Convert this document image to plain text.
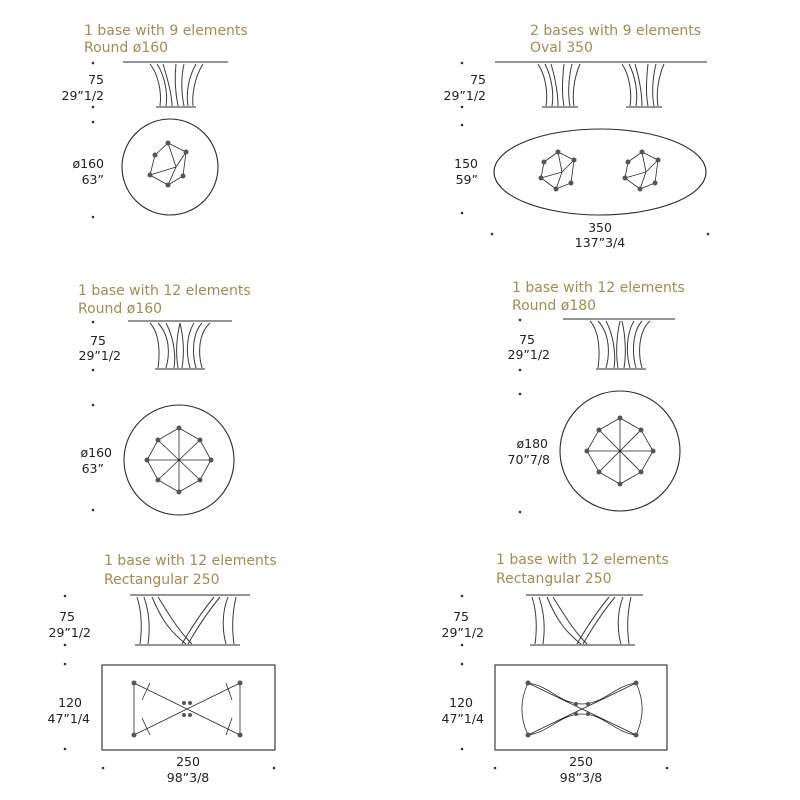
1 base with 9 elements
Round ø160
75
29”1/2
ø160
63”
2 bases with 9 elements
Oval 350
75
29”1/2
150
59”
350
137”3/4
1 base with 12 elements
Round ø160
75
29”1/2
ø160
63”
1 base with 12 elements
Round ø180
75
29”1/2
ø180
70”7/8
1 base with 12 elements
Rectangular 250
75
29”1/2
120
47”1/4
250
98”3/8
1 base with 12 elements
Rectangular 250
75
29”1/2
120
47”1/4
250
98”3/8
